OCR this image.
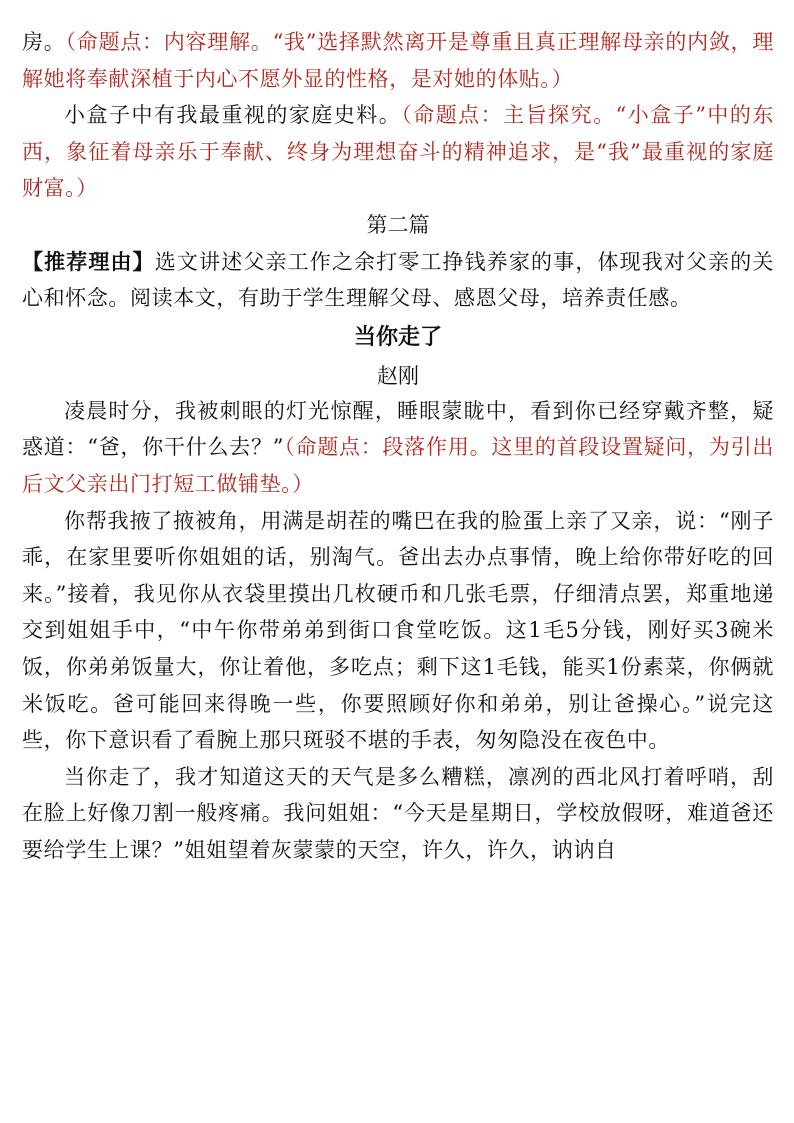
房。（命题点：内容理解。“我”选择默然离开是尊重且真正理解母亲的内敛，理解她将奉献深植于内心不愿外显的性格，是对她的体贴。）

小盒子中有我最重视的家庭史料。（命题点：主旨探究。“小盒子”中的东西，象征着母亲乐于奉献、终身为理想奋斗的精神追求，是“我”最重视的家庭财富。）

第二篇

【推荐理由】选文讲述父亲工作之余打零工挣钱养家的事，体现我对父亲的关心和怀念。阅读本文，有助于学生理解父母、感恩父母，培养责任感。

当你走了

赵刚

凌晨时分，我被刺眼的灯光惊醒，睡眼蒙眬中，看到你已经穿戴齐整，疑惑道：“爸，你干什么去？”（命题点：段落作用。这里的首段设置疑问，为引出后文父亲出门打短工做铺垫。）

你帮我掖了掖被角，用满是胡茬的嘴巴在我的脸蛋上亲了又亲，说：“刚子乖，在家里要听你姐姐的话，别淘气。爸出去办点事情，晚上给你带好吃的回来。”接着，我见你从衣袋里摸出几枚硬币和几张毛票，仔细清点罢，郑重地递交到姐姐手中，“中午你带弟弟到街口食堂吃饭。这1毛5分钱，刚好买3碗米饭，你弟弟饭量大，你让着他，多吃点；剩下这1毛钱，能买1份素菜，你俩就米饭吃。爸可能回来得晚一些，你要照顾好你和弟弟，别让爸操心。”说完这些，你下意识看了看腕上那只斑驳不堪的手表，匆匆隐没在夜色中。

当你走了，我才知道这天的天气是多么糟糕，凛冽的西北风打着呼哨，刮在脸上好像刀割一般疼痛。我问姐姐：“今天是星期日，学校放假呀，难道爸还要给学生上课？”姐姐望着灰蒙蒙的天空，许久，许久，讷讷自
